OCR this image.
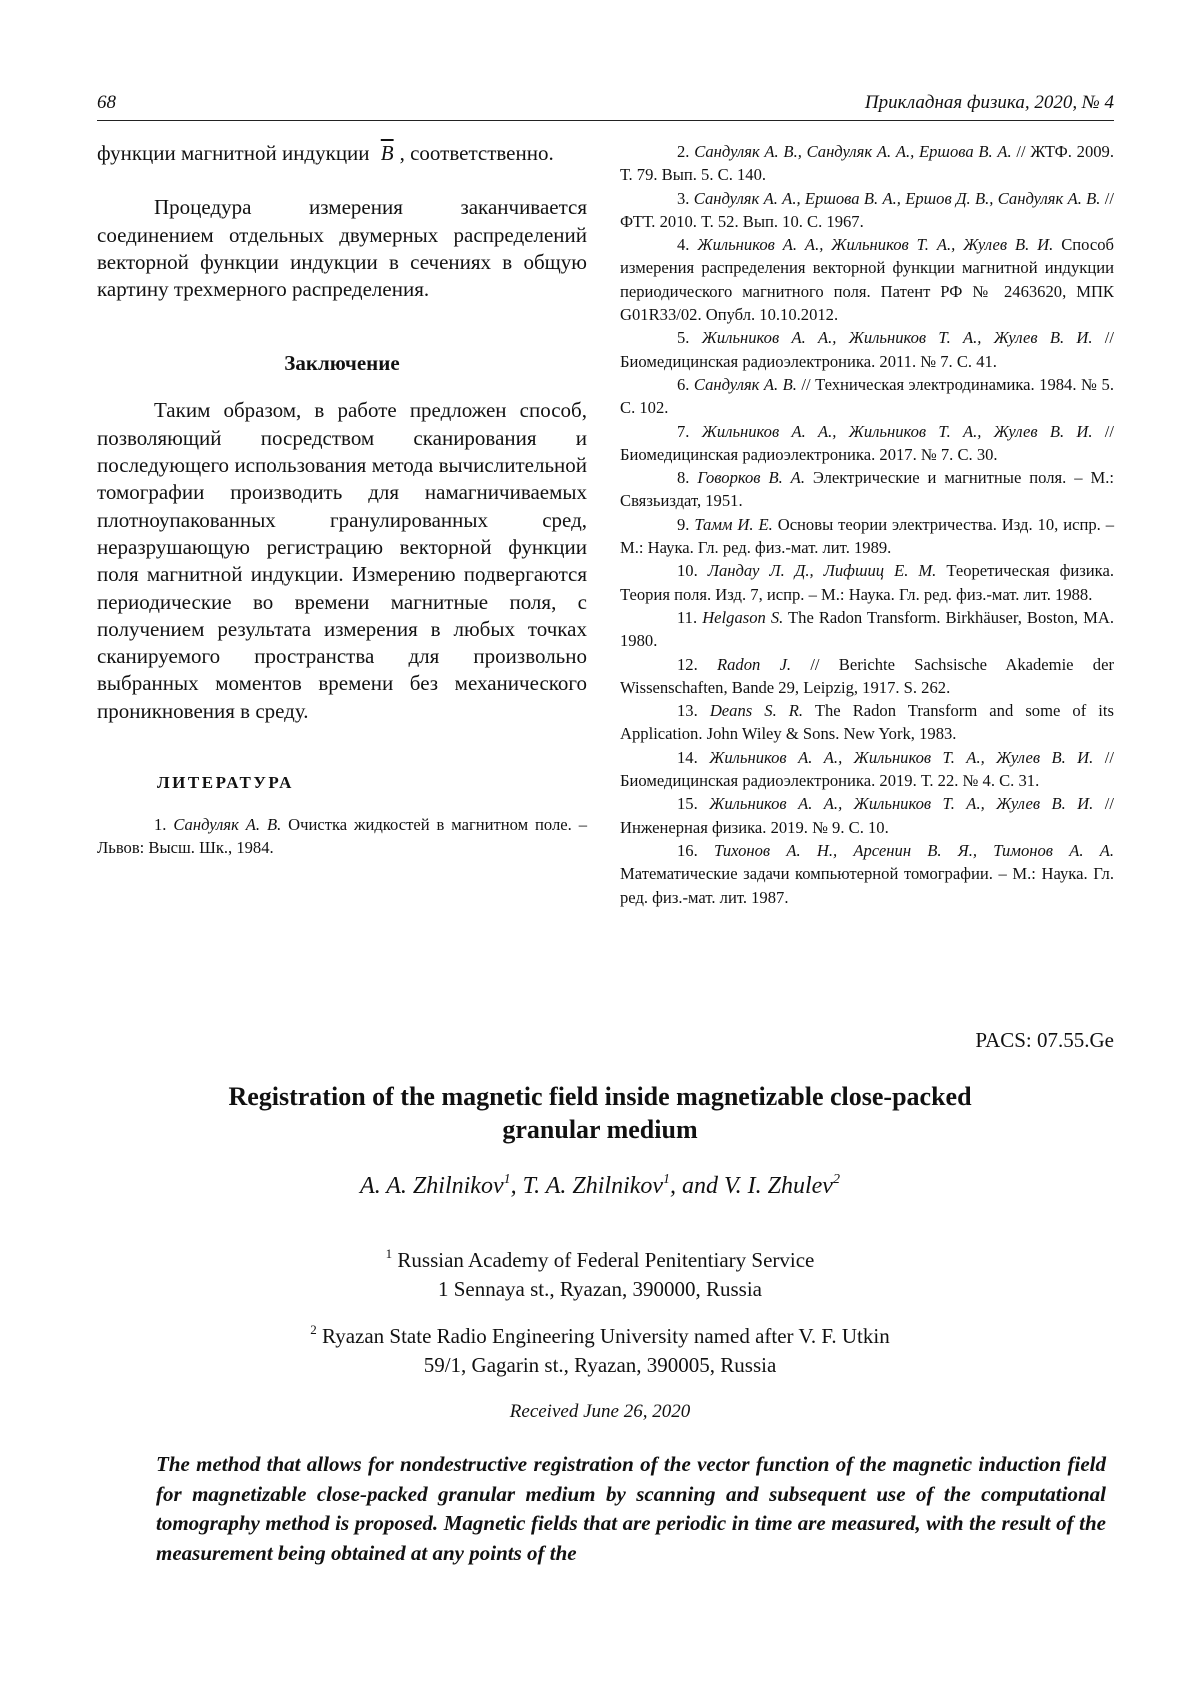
68	Прикладная физика, 2020, № 4

функции магнитной индукции $\overline{B}$ , соответственно.

Процедура измерения заканчивается соединением отдельных двумерных распределений векторной функции индукции в сечениях в общую картину трехмерного распределения.

Заключение

Таким образом, в работе предложен способ, позволяющий посредством сканирования и последующего использования метода вычислительной томографии производить для намагничиваемых плотноупакованных гранулированных сред, неразрушающую регистрацию векторной функции поля магнитной индукции. Измерению подвергаются периодические во времени магнитные поля, с получением результата измерения в любых точках сканируемого пространства для произвольно выбранных моментов времени без механического проникновения в среду.

ЛИТЕРАТУРА

1. Сандуляк А. В. Очистка жидкостей в магнитном поле. – Львов: Высш. Шк., 1984.

2. Сандуляк А. В., Сандуляк А. А., Ершова В. А. // ЖТФ. 2009. Т. 79. Вып. 5. С. 140.

3. Сандуляк А. А., Ершова В. А., Ершов Д. В., Сандуляк А. В. // ФТТ. 2010. Т. 52. Вып. 10. С. 1967.

4. Жильников А. А., Жильников Т. А., Жулев В. И. Способ измерения распределения векторной функции магнитной индукции периодического магнитного поля. Патент РФ № 2463620, МПК G01R33/02. Опубл. 10.10.2012.

5. Жильников А. А., Жильников Т. А., Жулев В. И. // Биомедицинская радиоэлектроника. 2011. № 7. С. 41.

6. Сандуляк А. В. // Техническая электродинамика. 1984. № 5. С. 102.

7. Жильников А. А., Жильников Т. А., Жулев В. И. // Биомедицинская радиоэлектроника. 2017. № 7. С. 30.

8. Говорков В. А. Электрические и магнитные поля. – М.: Связьиздат, 1951.

9. Тамм И. Е. Основы теории электричества. Изд. 10, испр. – М.: Наука. Гл. ред. физ.-мат. лит. 1989.

10. Ландау Л. Д., Лифшиц Е. М. Теоретическая физика. Теория поля. Изд. 7, испр. – М.: Наука. Гл. ред. физ.-мат. лит. 1988.

11. Helgason S. The Radon Transform. Birkhäuser, Boston, MA. 1980.

12. Radon J. // Berichte Sachsische Akademie der Wissenschaften, Bande 29, Leipzig, 1917. S. 262.

13. Deans S. R. The Radon Transform and some of its Application. John Wiley & Sons. New York, 1983.

14. Жильников А. А., Жильников Т. А., Жулев В. И. // Биомедицинская радиоэлектроника. 2019. Т. 22. № 4. С. 31.

15. Жильников А. А., Жильников Т. А., Жулев В. И. // Инженерная физика. 2019. № 9. С. 10.

16. Тихонов А. Н., Арсенин В. Я., Тимонов А. А. Математические задачи компьютерной томографии. – М.: Наука. Гл. ред. физ.-мат. лит. 1987.

PACS: 07.55.Ge
Registration of the magnetic field inside magnetizable close-packed
granular medium
A. A. Zhilnikov$^1$, T. A. Zhilnikov$^1$, and V. I. Zhulev$^2$
$^1$ Russian Academy of Federal Penitentiary Service
1 Sennaya st., Ryazan, 390000, Russia
$^2$ Ryazan State Radio Engineering University named after V. F. Utkin
59/1, Gagarin st., Ryazan, 390005, Russia
Received June 26, 2020

The method that allows for nondestructive registration of the vector function of the magnetic induction field for magnetizable close-packed granular medium by scanning and subsequent use of the computational tomography method is proposed. Magnetic fields that are periodic in time are measured, with the result of the measurement being obtained at any points of the
